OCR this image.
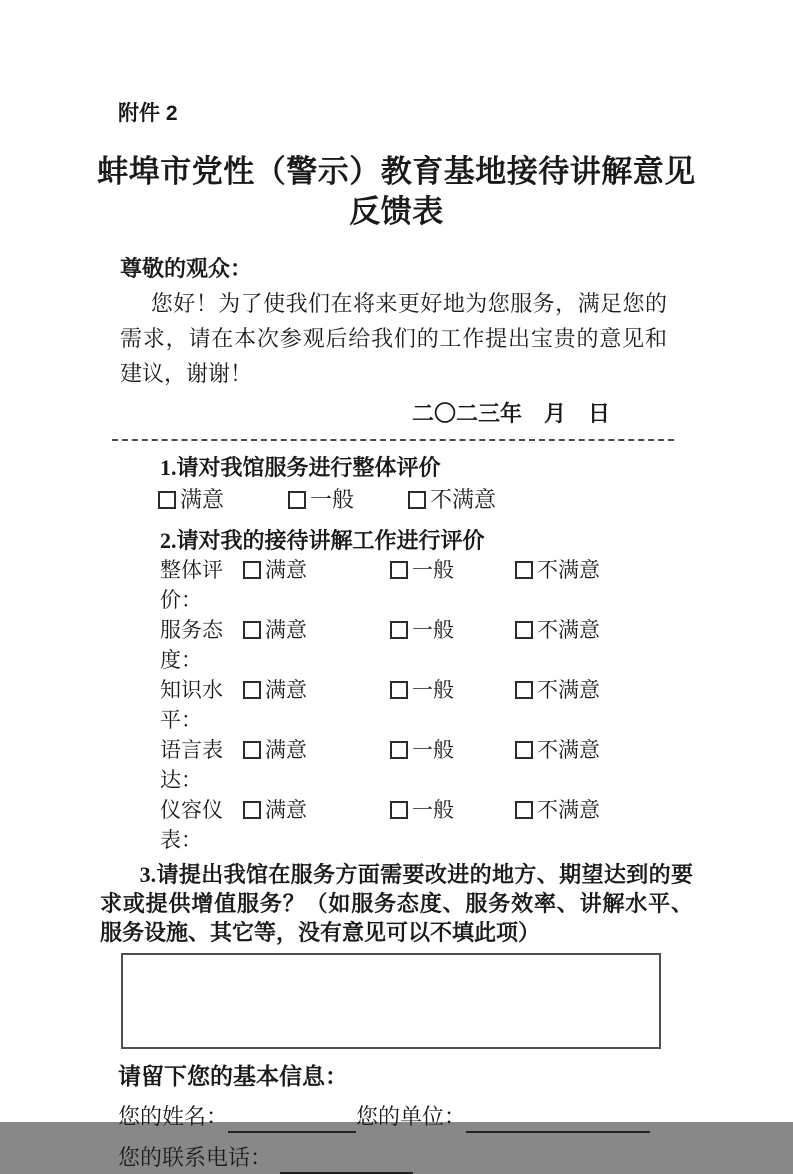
附件 2
蚌埠市党性（警示）教育基地接待讲解意见
反馈表
尊敬的观众：

您好！为了使我们在将来更好地为您服务，满足您的需求，请在本次参观后给我们的工作提出宝贵的意见和建议，谢谢！

二〇二三年　月　日
1.请对我馆服务进行整体评价
满意	一般	不满意
2.请对我的接待讲解工作进行评价
整体评价：
满意	一般	不满意
服务态度：
满意	一般	不满意
知识水平：
满意	一般	不满意
语言表达：
满意	一般	不满意
仪容仪表：
满意	一般	不满意

3.请提出我馆在服务方面需要改进的地方、期望达到的要求或提供增值服务？（如服务态度、服务效率、讲解水平、服务设施、其它等，没有意见可以不填此项）

请留下您的基本信息：
您的姓名：	您的单位：
您的联系电话：
